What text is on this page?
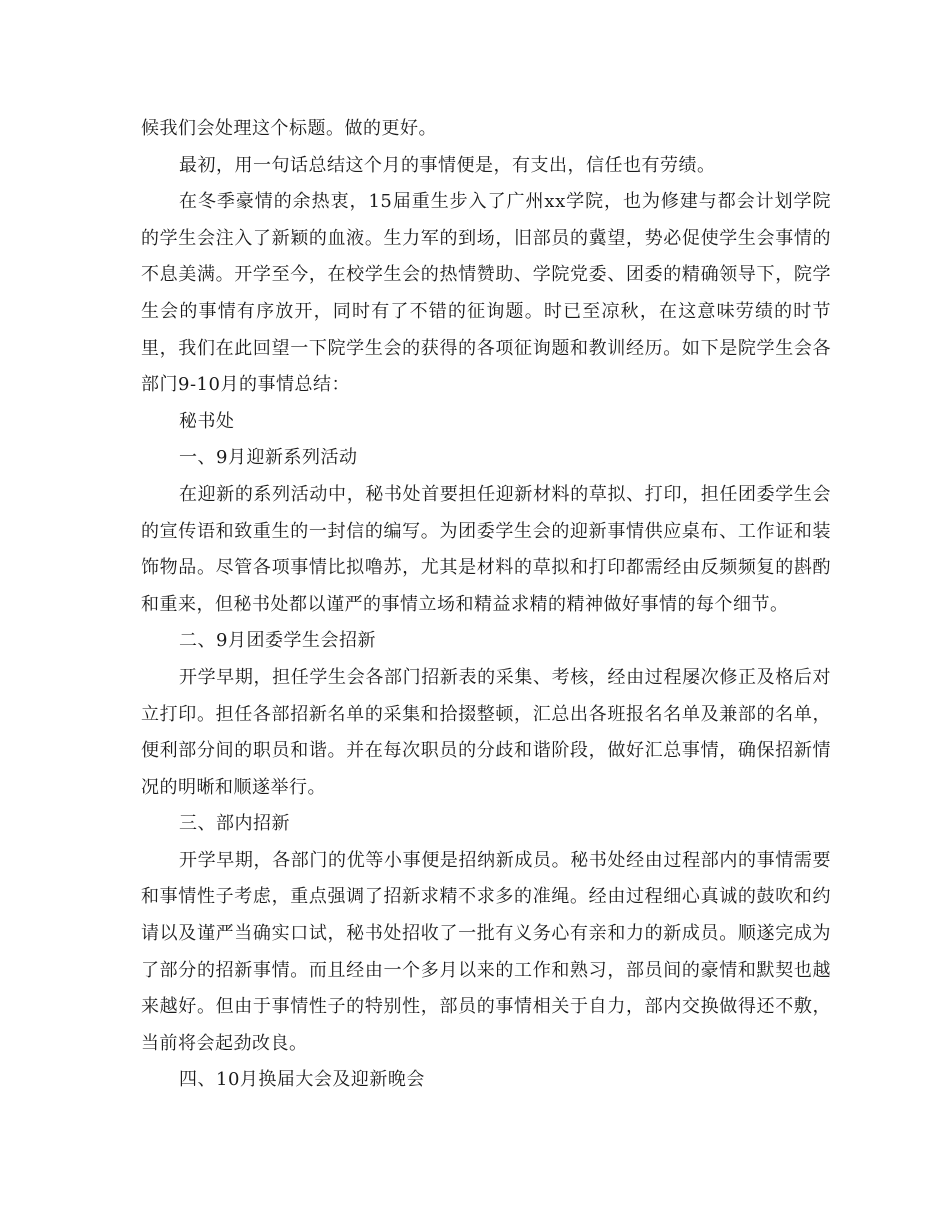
候我们会处理这个标题。做的更好。

最初，用一句话总结这个月的事情便是，有支出，信任也有劳绩。

在冬季豪情的余热衷，15届重生步入了广州xx学院，也为修建与都会计划学院的学生会注入了新颖的血液。生力军的到场，旧部员的冀望，势必促使学生会事情的不息美满。开学至今，在校学生会的热情赞助、学院党委、团委的精确领导下，院学生会的事情有序放开，同时有了不错的征询题。时已至凉秋，在这意味劳绩的时节里，我们在此回望一下院学生会的获得的各项征询题和教训经历。如下是院学生会各部门9-10月的事情总结：

秘书处

一、9月迎新系列活动

在迎新的系列活动中，秘书处首要担任迎新材料的草拟、打印，担任团委学生会的宣传语和致重生的一封信的编写。为团委学生会的迎新事情供应桌布、工作证和装饰物品。尽管各项事情比拟噜苏，尤其是材料的草拟和打印都需经由反频频复的斟酌和重来，但秘书处都以谨严的事情立场和精益求精的精神做好事情的每个细节。

二、9月团委学生会招新

开学早期，担任学生会各部门招新表的采集、考核，经由过程屡次修正及格后对立打印。担任各部招新名单的采集和拾掇整顿，汇总出各班报名名单及兼部的名单，便利部分间的职员和谐。并在每次职员的分歧和谐阶段，做好汇总事情，确保招新情况的明晰和顺遂举行。

三、部内招新

开学早期，各部门的优等小事便是招纳新成员。秘书处经由过程部内的事情需要和事情性子考虑，重点强调了招新求精不求多的准绳。经由过程细心真诚的鼓吹和约请以及谨严当确实口试，秘书处招收了一批有义务心有亲和力的新成员。顺遂完成为了部分的招新事情。而且经由一个多月以来的工作和熟习，部员间的豪情和默契也越来越好。但由于事情性子的特别性，部员的事情相关于自力，部内交换做得还不敷，当前将会起劲改良。

四、10月换届大会及迎新晚会
